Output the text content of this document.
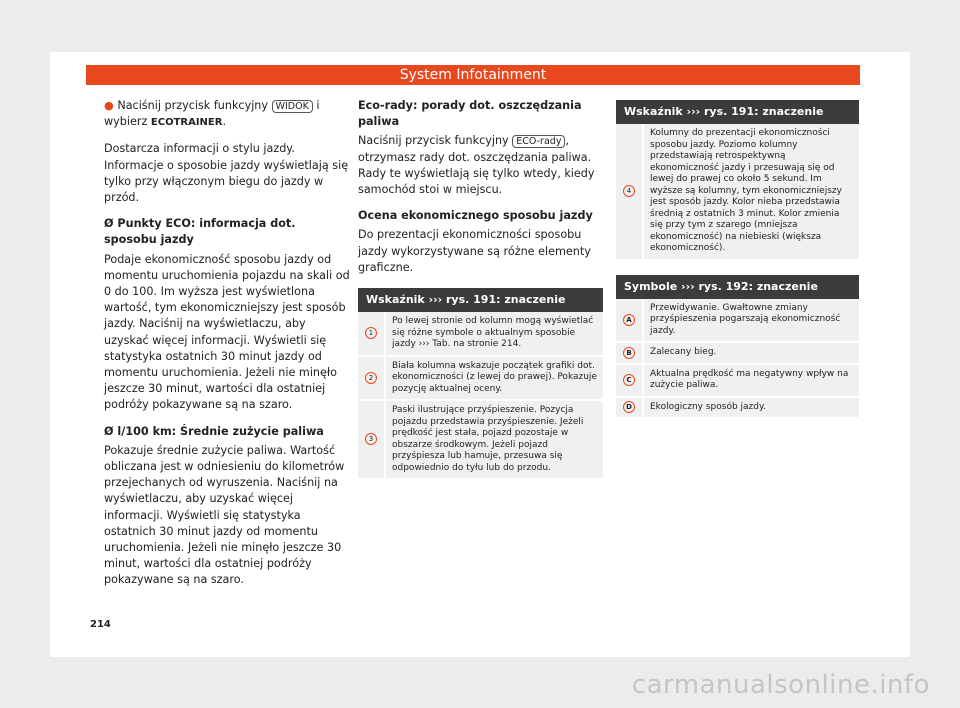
System Infotainment

● Naciśnij przycisk funkcyjny WIDOK i wybierz ECOTRAINER.

Dostarcza informacji o stylu jazdy. Informacje o sposobie jazdy wyświetlają się tylko przy włączonym biegu do jazdy w przód.

Ø Punkty ECO: informacja dot. sposobu jazdy

Podaje ekonomiczność sposobu jazdy od momentu uruchomienia pojazdu na skali od 0 do 100. Im wyższa jest wyświetlona wartość, tym ekonomiczniejszy jest sposób jazdy. Naciśnij na wyświetlaczu, aby uzyskać więcej informacji. Wyświetli się statystyka ostatnich 30 minut jazdy od momentu uruchomienia. Jeżeli nie minęło jeszcze 30 minut, wartości dla ostatniej podróży pokazywane są na szaro.

Ø l/100 km: Średnie zużycie paliwa

Pokazuje średnie zużycie paliwa. Wartość obliczana jest w odniesieniu do kilometrów przejechanych od wyruszenia. Naciśnij na wyświetlaczu, aby uzyskać więcej informacji. Wyświetli się statystyka ostatnich 30 minut jazdy od momentu uruchomienia. Jeżeli nie minęło jeszcze 30 minut, wartości dla ostatniej podróży pokazywane są na szaro.

Eco-rady: porady dot. oszczędzania paliwa

Naciśnij przycisk funkcyjny ECO-rady , otrzymasz rady dot. oszczędzania paliwa. Rady te wyświetlają się tylko wtedy, kiedy samochód stoi w miejscu.

Ocena ekonomicznego sposobu jazdy

Do prezentacji ekonomiczności sposobu jazdy wykorzystywane są różne elementy graficzne.

Wskaźnik ››› rys. 191: znaczenie
1	Po lewej stronie od kolumn mogą wyświetlać się różne symbole o aktualnym sposobie jazdy ››› Tab. na stronie 214.
2	Biała kolumna wskazuje początek grafiki dot. ekonomiczności (z lewej do prawej). Pokazuje pozycję aktualnej oceny.
3	Paski ilustrujące przyśpieszenie. Pozycja pojazdu przedstawia przyśpieszenie. Jeżeli prędkość jest stała, pojazd pozostaje w obszarze środkowym. Jeżeli pojazd przyśpiesza lub hamuje, przesuwa się odpowiednio do tyłu lub do przodu.
Wskaźnik ››› rys. 191: znaczenie
4	Kolumny do prezentacji ekonomiczności sposobu jazdy. Poziomo kolumny przedstawiają retrospektywną ekonomiczność jazdy i przesuwają się od lewej do prawej co około 5 sekund. Im wyższe są kolumny, tym ekonomiczniejszy jest sposób jazdy. Kolor nieba przedstawia średnią z ostatnich 3 minut. Kolor zmienia się przy tym z szarego (mniejsza ekonomiczność) na niebieski (większa ekonomiczność).
Symbole ››› rys. 192: znaczenie
A	Przewidywanie. Gwałtowne zmiany przyśpieszenia pogarszają ekonomiczność jazdy.
B	Zalecany bieg.
C	Aktualna prędkość ma negatywny wpływ na zużycie paliwa.
D	Ekologiczny sposób jazdy.
214
carmanualsonline.info
